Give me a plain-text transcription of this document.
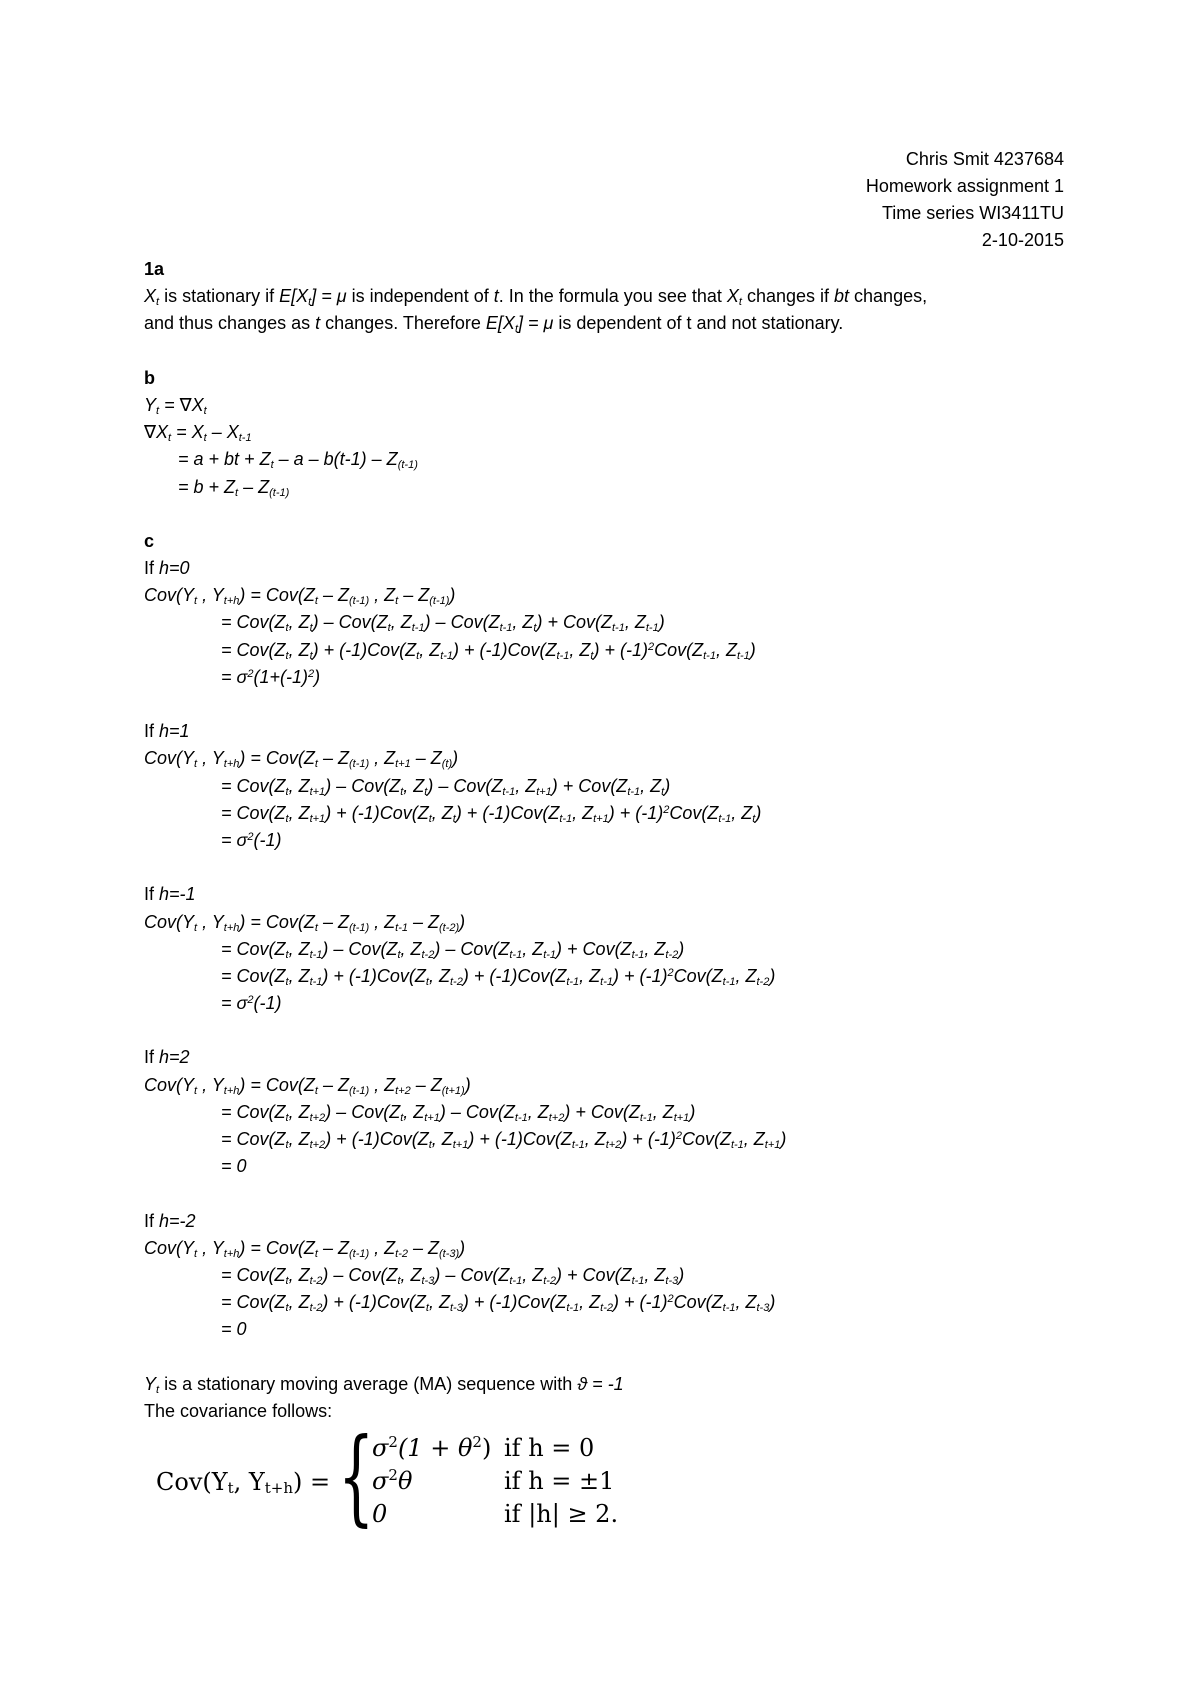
Chris Smit 4237684
Homework assignment 1
Time series WI3411TU
2-10-2015
1a
$X_t$ is stationary if $E[X_t] = \mu$ is independent of t. In the formula you see that $X_t$ changes if bt changes,
and thus changes as t changes. Therefore $E[X_t] = \mu$ is dependent of t and not stationary.
b
$Y_t = \nabla X_t$
$\nabla X_t = X_t - X_{t-1}$
= a + bt + $Z_t$ – a – $b(t-1) - Z_{(t-1)}$
= $b + Z_t - Z_{(t-1)}$
c
If h=0
$Cov(Y_t$ , $Y_{t+h}) = Cov(Z_t - Z_{(t-1)}$ , $Z_t - Z_{(t-1)}$)
= $Cov(Z_t$, $Z_t) - Cov(Z_t$, $Z_{t-1}) - Cov(Z_{t-1}$, $Z_t) + Cov(Z_{t-1}$, $Z_{t-1}$)
= $Cov(Z_t$, $Z_t) + (-1)Cov(Z_t$, $Z_{t-1}) + (-1)Cov(Z_{t-1}$, $Z_t) + (-1)^2Cov(Z_{t-1}$, $Z_{t-1}$)
= $\sigma^2(1+(-1)^2)$
If h=1
$Cov(Y_t$ , $Y_{t+h}) = Cov(Z_t - Z_{(t-1)}$ , $Z_{t+1} - Z_{(t)}$)
= $Cov(Z_t$, $Z_{t+1}) - Cov(Z_t$, $Z_t) - Cov(Z_{t-1}$, $Z_{t+1}) + Cov(Z_{t-1}$, $Z_t$)
= $Cov(Z_t$, $Z_{t+1}) + (-1)Cov(Z_t$, $Z_t) + (-1)Cov(Z_{t-1}$, $Z_{t+1}) + (-1)^2Cov(Z_{t-1}$, $Z_t$)
= $\sigma^2(-1)$
If h=-1
$Cov(Y_t$ , $Y_{t+h}) = Cov(Z_t - Z_{(t-1)}$ , $Z_{t-1} - Z_{(t-2)}$)
= $Cov(Z_t$, $Z_{t-1}) - Cov(Z_t$, $Z_{t-2}) - Cov(Z_{t-1}$, $Z_{t-1}) + Cov(Z_{t-1}$, $Z_{t-2}$)
= $Cov(Z_t$, $Z_{t-1}) + (-1)Cov(Z_t$, $Z_{t-2}) + (-1)Cov(Z_{t-1}$, $Z_{t-1}) + (-1)^2Cov(Z_{t-1}$, $Z_{t-2}$)
= $\sigma^2(-1)$
If h=2
$Cov(Y_t$ , $Y_{t+h}) = Cov(Z_t - Z_{(t-1)}$ , $Z_{t+2} - Z_{(t+1)}$)
= $Cov(Z_t$, $Z_{t+2}) - Cov(Z_t$, $Z_{t+1}) - Cov(Z_{t-1}$, $Z_{t+2}) + Cov(Z_{t-1}$, $Z_{t+1}$)
= $Cov(Z_t$, $Z_{t+2}) + (-1)Cov(Z_t$, $Z_{t+1}) + (-1)Cov(Z_{t-1}$, $Z_{t+2}) + (-1)^2Cov(Z_{t-1}$, $Z_{t+1}$)
= 0
If h=-2
$Cov(Y_t$ , $Y_{t+h}) = Cov(Z_t - Z_{(t-1)}$ , $Z_{t-2} - Z_{(t-3)}$)
= $Cov(Z_t$, $Z_{t-2}) - Cov(Z_t$, $Z_{t-3}) - Cov(Z_{t-1}$, $Z_{t-2}) + Cov(Z_{t-1}$, $Z_{t-3}$)
= $Cov(Z_t$, $Z_{t-2}) + (-1)Cov(Z_t$, $Z_{t-3}) + (-1)Cov(Z_{t-1}$, $Z_{t-2}) + (-1)^2Cov(Z_{t-1}$, $Z_{t-3}$)
= 0
$Y_t$ is a stationary moving average (MA) sequence with ϑ = -1
The covariance follows:
$Cov(Y_t$, $Y_{t+h}$) = {
$\sigma^2(1 + \theta^2)$ if h = 0
$\sigma^2\theta$	if h = ±1
0	if |h| ≥ 2.
